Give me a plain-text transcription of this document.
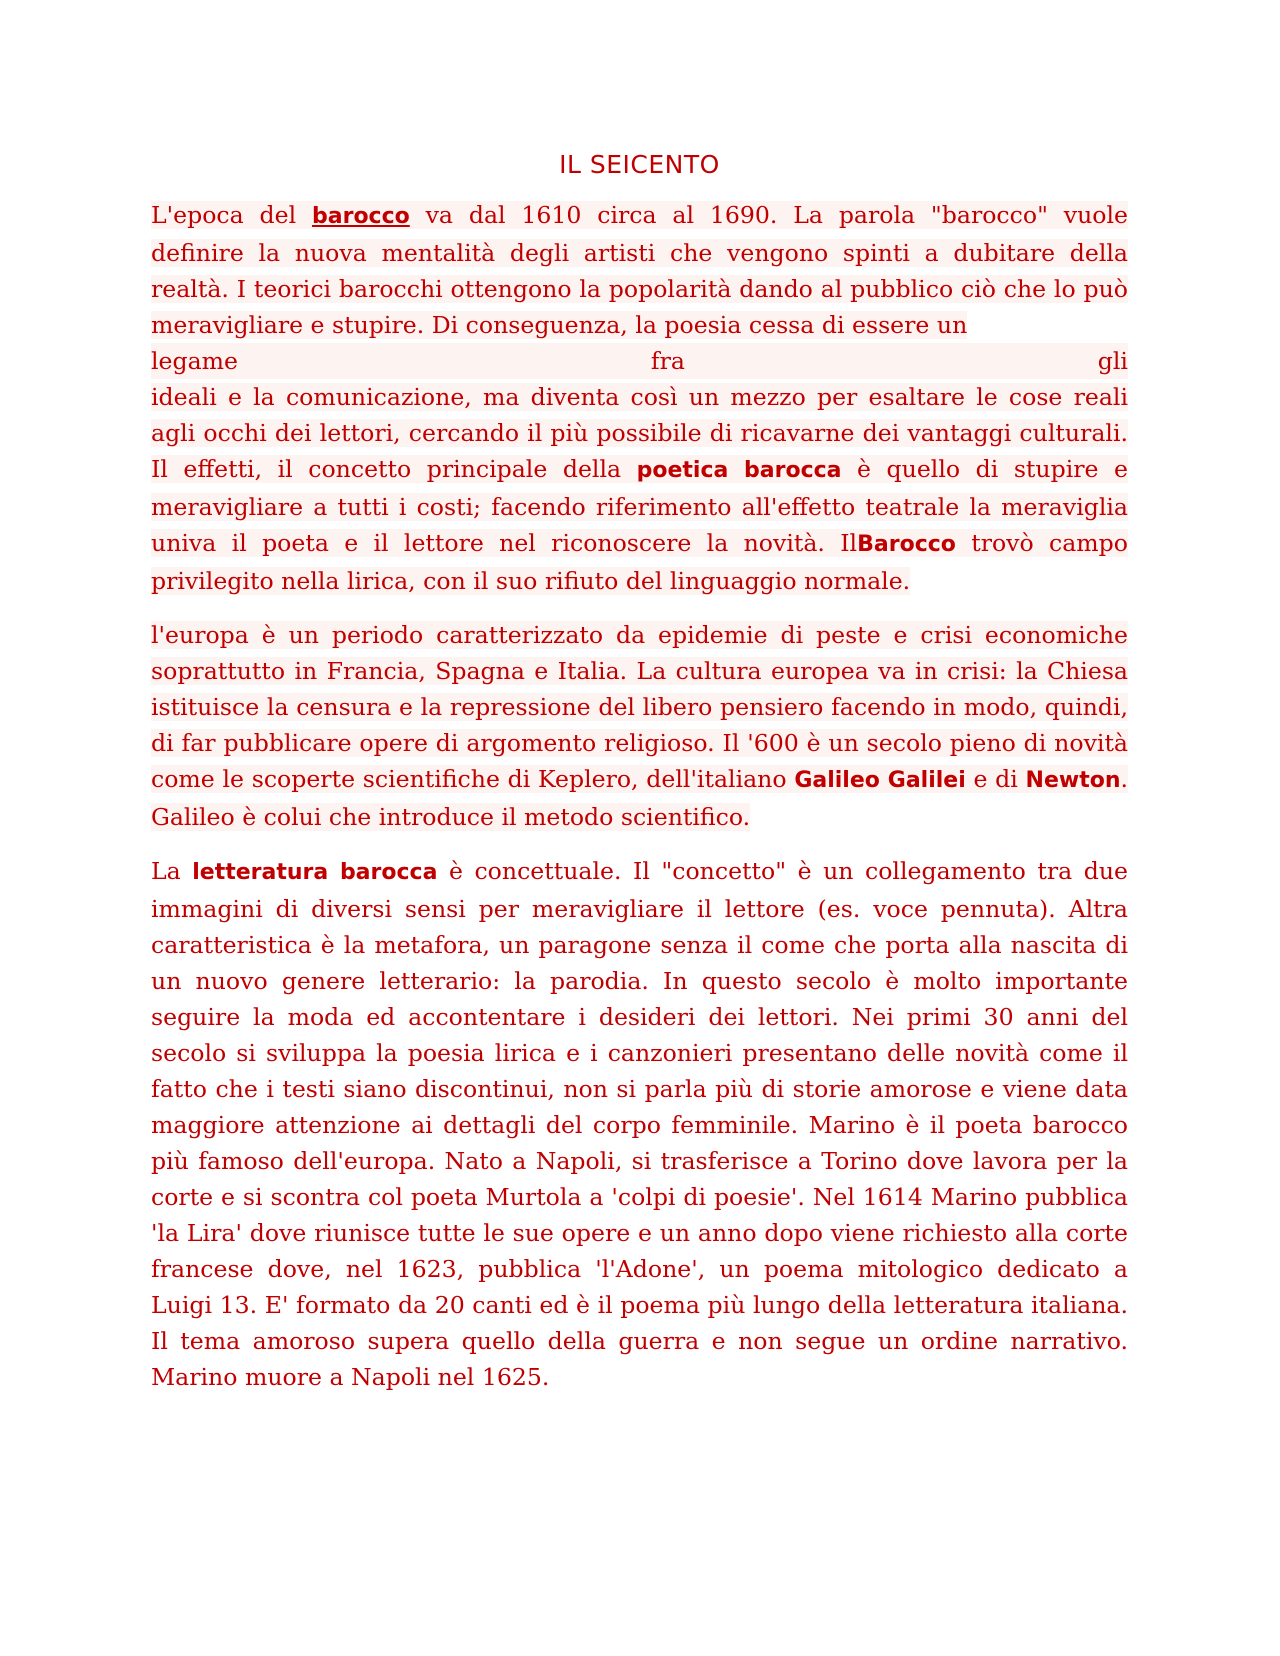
IL SEICENTO
L'epoca del barocco va dal 1610 circa al 1690. La parola "barocco" vuole definire la nuova mentalità degli artisti che vengono spinti a dubitare della realtà. I teorici barocchi ottengono la popolarità dando al pubblico ciò che lo può meravigliare e stupire. Di conseguenza, la poesia cessa di essere un
legame	fra	gli
ideali e la comunicazione, ma diventa così un mezzo per esaltare le cose reali agli occhi dei lettori, cercando il più possibile di ricavarne dei vantaggi culturali. Il effetti, il concetto principale della poetica barocca è quello di stupire e meravigliare a tutti i costi; facendo riferimento all'effetto teatrale la meraviglia univa il poeta e il lettore nel riconoscere la novità. IlBarocco trovò campo privilegito nella lirica, con il suo rifiuto del linguaggio normale.
l'europa è un periodo caratterizzato da epidemie di peste e crisi economiche soprattutto in Francia, Spagna e Italia. La cultura europea va in crisi: la Chiesa istituisce la censura e la repressione del libero pensiero facendo in modo, quindi, di far pubblicare opere di argomento religioso. Il '600 è un secolo pieno di novità come le scoperte scientifiche di Keplero, dell'italiano Galileo Galilei e di Newton. Galileo è colui che introduce il metodo scientifico.
La letteratura barocca è concettuale. Il "concetto" è un collegamento tra due immagini di diversi sensi per meravigliare il lettore (es. voce pennuta). Altra caratteristica è la metafora, un paragone senza il come che porta alla nascita di un nuovo genere letterario: la parodia. In questo secolo è molto importante seguire la moda ed accontentare i desideri dei lettori. Nei primi 30 anni del secolo si sviluppa la poesia lirica e i canzonieri presentano delle novità come il fatto che i testi siano discontinui, non si parla più di storie amorose e viene data maggiore attenzione ai dettagli del corpo femminile. Marino è il poeta barocco più famoso dell'europa. Nato a Napoli, si trasferisce a Torino dove lavora per la corte e si scontra col poeta Murtola a 'colpi di poesie'. Nel 1614 Marino pubblica 'la Lira' dove riunisce tutte le sue opere e un anno dopo viene richiesto alla corte francese dove, nel 1623, pubblica 'l'Adone', un poema mitologico dedicato a Luigi 13. E' formato da 20 canti ed è il poema più lungo della letteratura italiana. Il tema amoroso supera quello della guerra e non segue un ordine narrativo. Marino muore a Napoli nel 1625.
